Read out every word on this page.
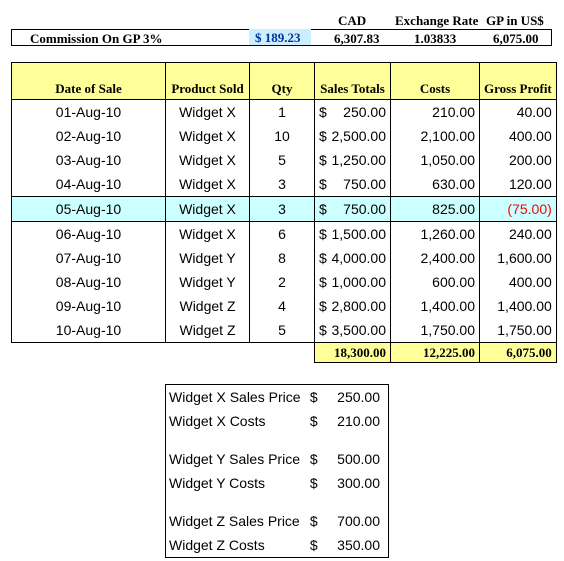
CAD Exchange Rate GP in US$
Commission On GP 3%	$ 189.23	6,307.83	1.03833	6,075.00
Date of Sale	Product Sold	Qty	Sales Totals	Costs	Gross Profit
01-Aug-10	Widget X	1	$ 250.00	210.00	40.00
02-Aug-10	Widget X	10	$ 2,500.00	2,100.00	400.00
03-Aug-10	Widget X	5	$ 1,250.00	1,050.00	200.00
04-Aug-10	Widget X	3	$ 750.00	630.00	120.00
05-Aug-10	Widget X	3	$ 750.00	825.00	(75.00)
06-Aug-10	Widget X	6	$ 1,500.00	1,260.00	240.00
07-Aug-10	Widget Y	8	$ 4,000.00	2,400.00	1,600.00
08-Aug-10	Widget Y	2	$ 1,000.00	600.00	400.00
09-Aug-10	Widget Z	4	$ 2,800.00	1,400.00	1,400.00
10-Aug-10	Widget Z	5	$ 3,500.00	1,750.00	1,750.00
			18,300.00	12,225.00	6,075.00
Widget X Sales Price	$	250.00
Widget X Costs	$	210.00

Widget Y Sales Price	$	500.00
Widget Y Costs	$	300.00

Widget Z Sales Price	$	700.00
Widget Z Costs	$	350.00
